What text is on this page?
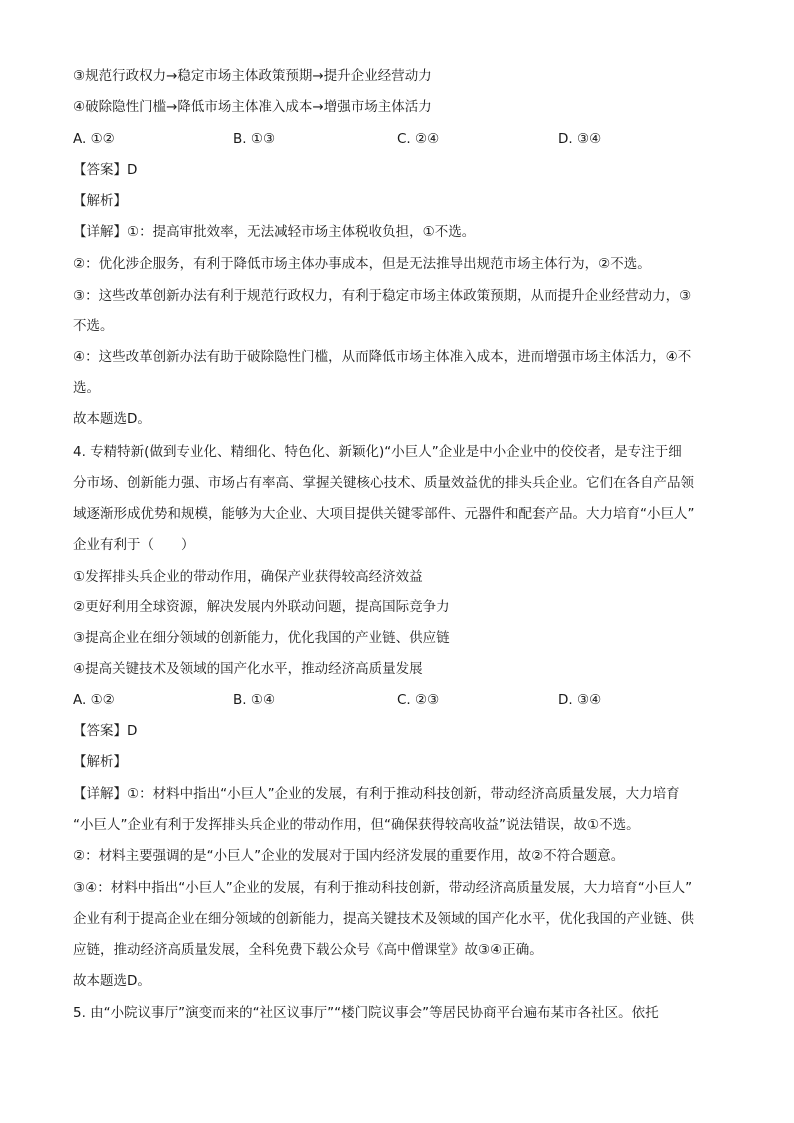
③规范行政权力→稳定市场主体政策预期→提升企业经营动力
④破除隐性门槛→降低市场主体准入成本→增强市场主体活力
A. ①②	B. ①③	C. ②④	D. ③④
【答案】D
【解析】
【详解】①：提高审批效率，无法减轻市场主体税收负担，①不选。
②：优化涉企服务，有利于降低市场主体办事成本，但是无法推导出规范市场主体行为，②不选。
③：这些改革创新办法有利于规范行政权力，有利于稳定市场主体政策预期，从而提升企业经营动力，③
不选。
④：这些改革创新办法有助于破除隐性门槛，从而降低市场主体准入成本，进而增强市场主体活力，④不
选。
故本题选D。
4. 专精特新(做到专业化、精细化、特色化、新颖化)“小巨人”企业是中小企业中的佼佼者，是专注于细
分市场、创新能力强、市场占有率高、掌握关键核心技术、质量效益优的排头兵企业。它们在各自产品领
域逐渐形成优势和规模，能够为大企业、大项目提供关键零部件、元器件和配套产品。大力培育“小巨人”
企业有利于（　　）
①发挥排头兵企业的带动作用，确保产业获得较高经济效益
②更好利用全球资源，解决发展内外联动问题，提高国际竞争力
③提高企业在细分领域的创新能力，优化我国的产业链、供应链
④提高关键技术及领域的国产化水平，推动经济高质量发展
A. ①②	B. ①④	C. ②③	D. ③④
【答案】D
【解析】
【详解】①：材料中指出“小巨人”企业的发展，有利于推动科技创新，带动经济高质量发展，大力培育
“小巨人”企业有利于发挥排头兵企业的带动作用，但“确保获得较高收益”说法错误，故①不选。
②：材料主要强调的是“小巨人”企业的发展对于国内经济发展的重要作用，故②不符合题意。
③④：材料中指出“小巨人”企业的发展，有利于推动科技创新，带动经济高质量发展，大力培育“小巨人”
企业有利于提高企业在细分领域的创新能力，提高关键技术及领域的国产化水平，优化我国的产业链、供
应链，推动经济高质量发展，全科免费下载公众号《高中僧课堂》故③④正确。
故本题选D。
5. 由“小院议事厅”演变而来的“社区议事厅”“楼门院议事会”等居民协商平台遍布某市各社区。依托
